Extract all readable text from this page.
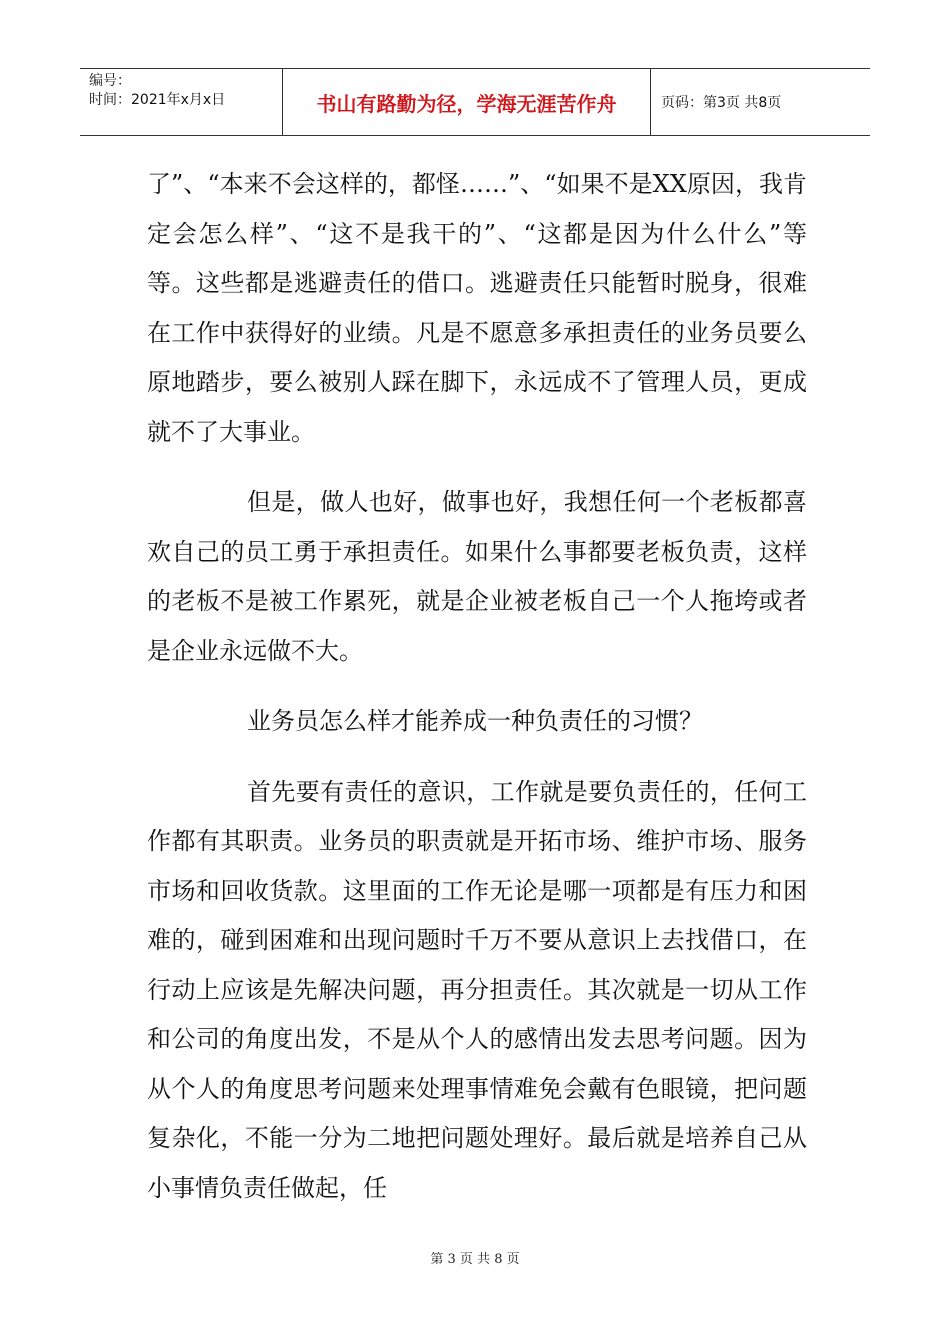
编号：
时间：2021年x月x日	书山有路勤为径，学海无涯苦作舟	页码：第3页 共8页

了”、“本来不会这样的，都怪……”、“如果不是XX原因，我肯定会怎么样”、“这不是我干的”、“这都是因为什么什么”等等。这些都是逃避责任的借口。逃避责任只能暂时脱身，很难在工作中获得好的业绩。凡是不愿意多承担责任的业务员要么原地踏步，要么被别人踩在脚下，永远成不了管理人员，更成就不了大事业。

但是，做人也好，做事也好，我想任何一个老板都喜欢自己的员工勇于承担责任。如果什么事都要老板负责，这样的老板不是被工作累死，就是企业被老板自己一个人拖垮或者是企业永远做不大。

业务员怎么样才能养成一种负责任的习惯？

首先要有责任的意识，工作就是要负责任的，任何工作都有其职责。业务员的职责就是开拓市场、维护市场、服务市场和回收货款。这里面的工作无论是哪一项都是有压力和困难的，碰到困难和出现问题时千万不要从意识上去找借口，在行动上应该是先解决问题，再分担责任。其次就是一切从工作和公司的角度出发，不是从个人的感情出发去思考问题。因为从个人的角度思考问题来处理事情难免会戴有色眼镜，把问题复杂化，不能一分为二地把问题处理好。最后就是培养自己从小事情负责任做起，任

第 3 页 共 8 页
